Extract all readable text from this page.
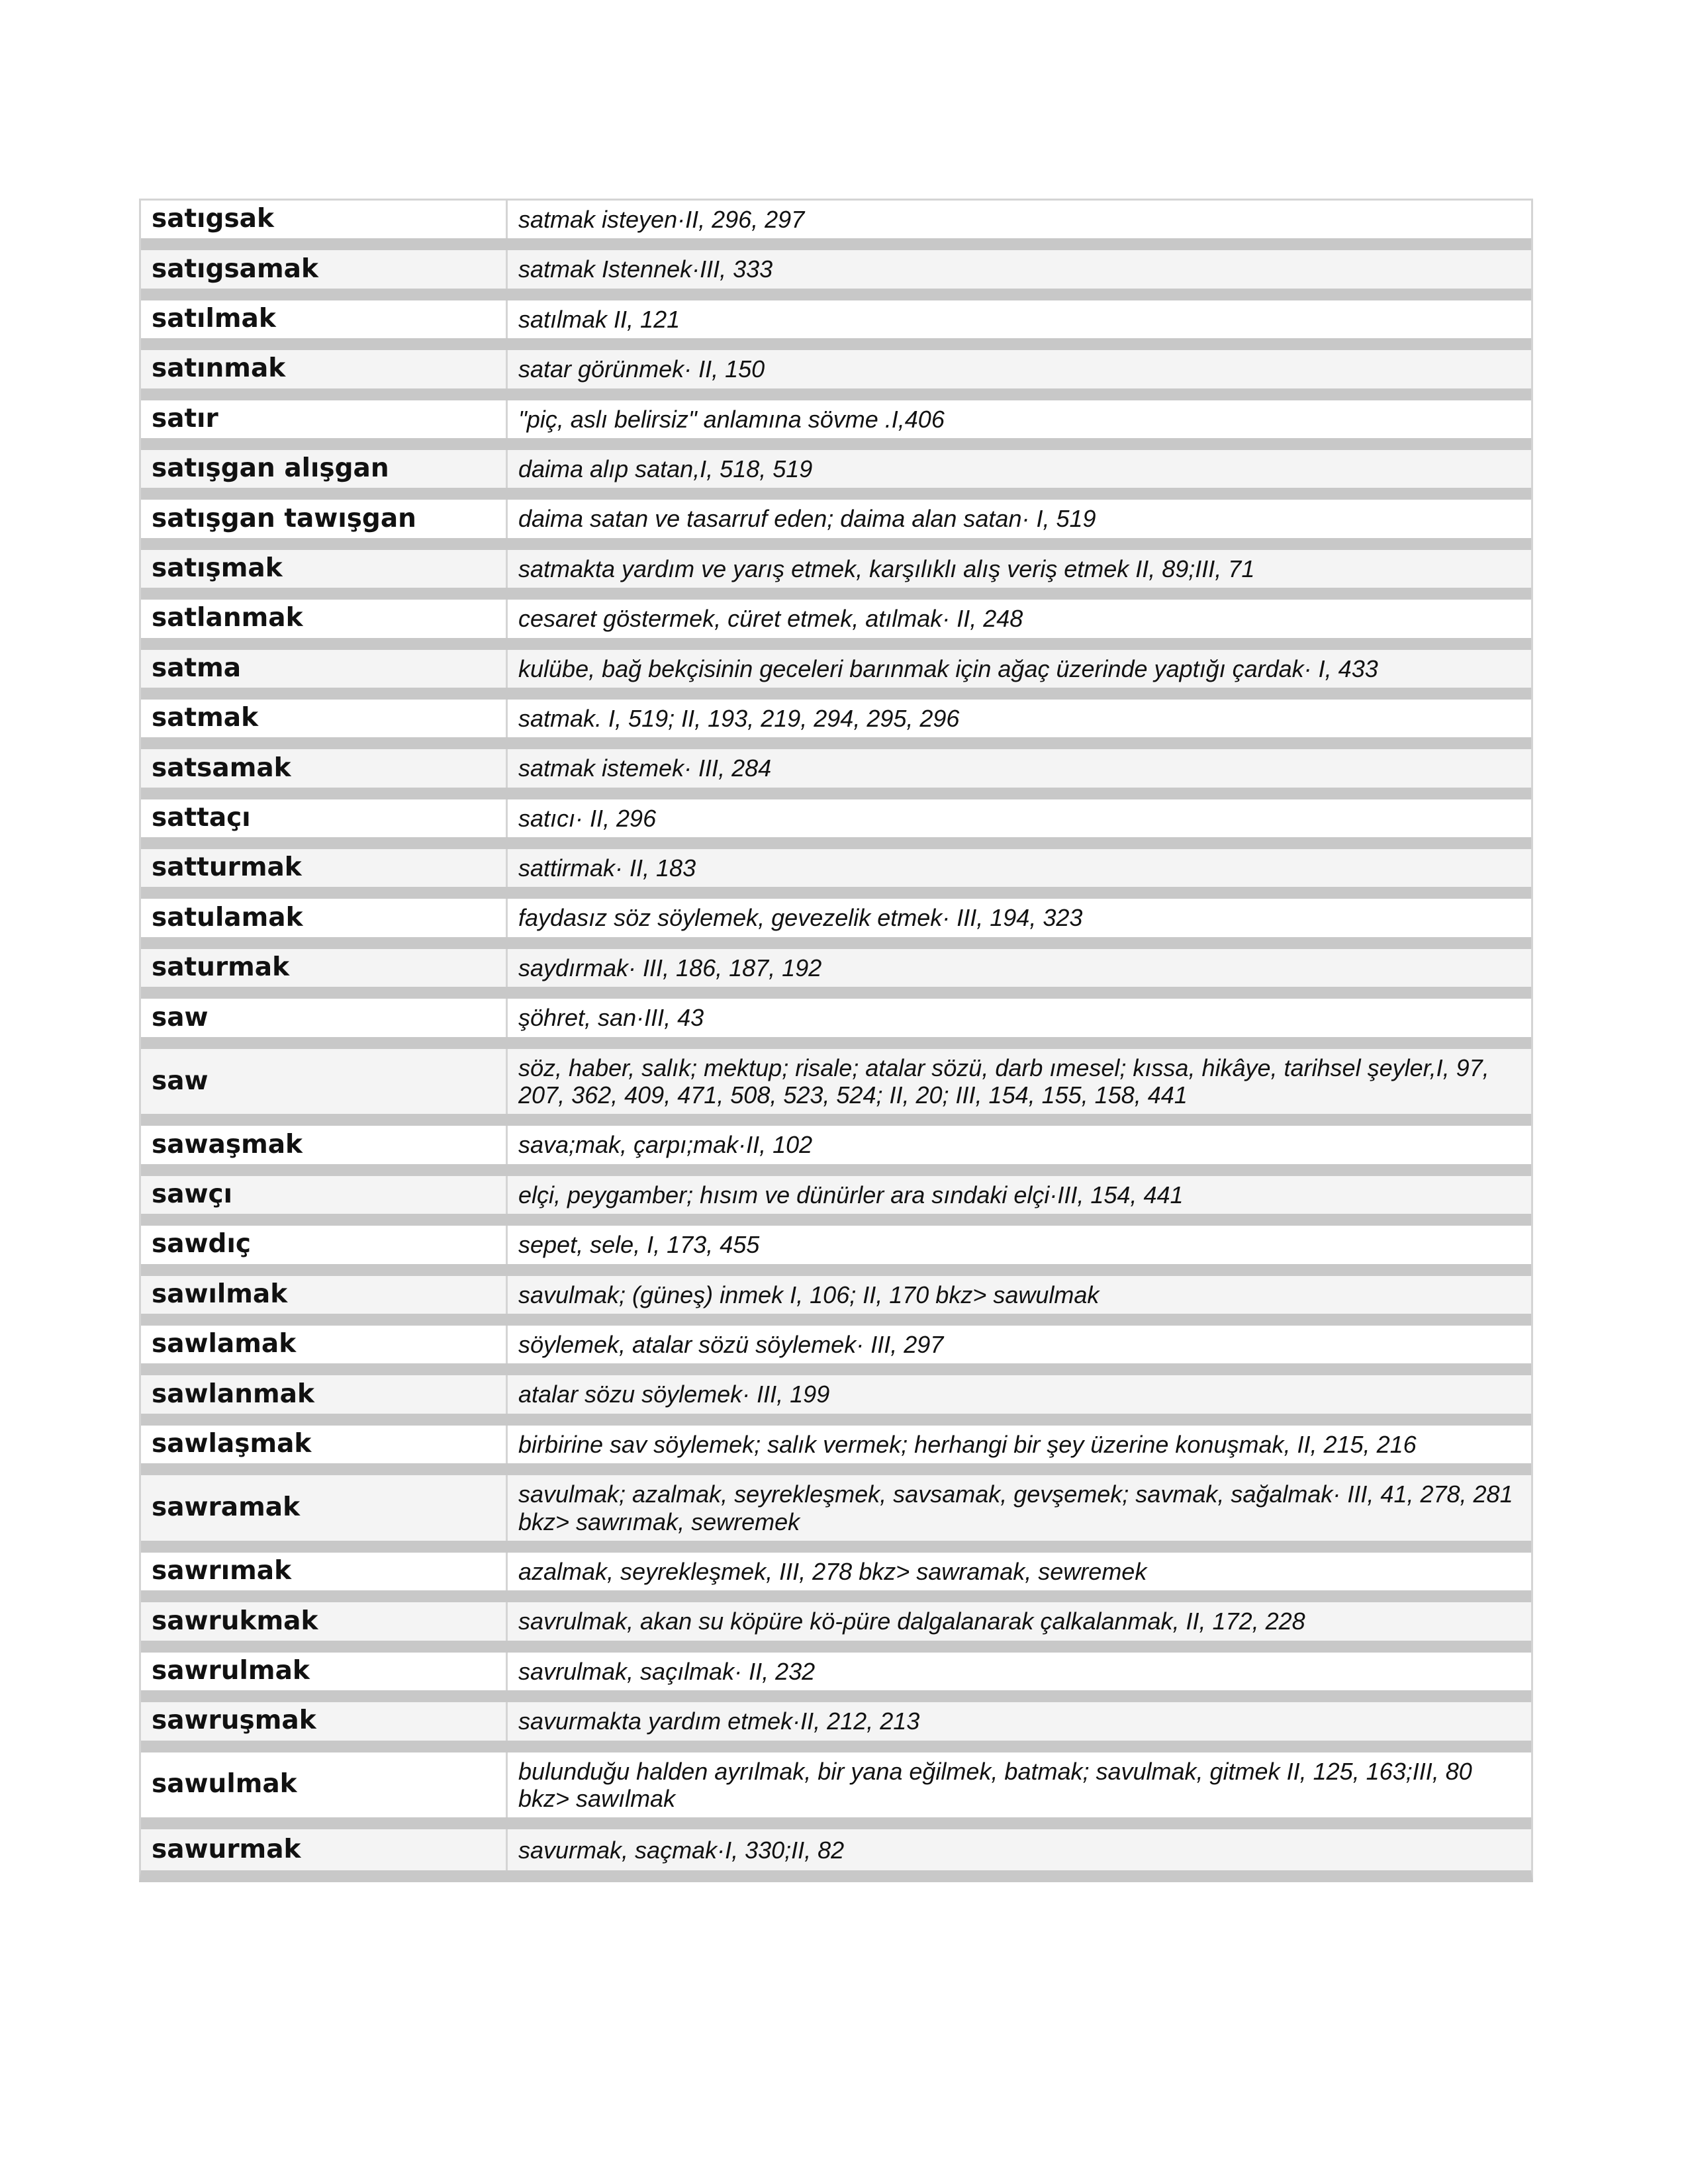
satıgsak	satmak isteyen·II, 296, 297
satıgsamak	satmak Istennek·III, 333
satılmak	satılmak II, 121
satınmak	satar görünmek· II, 150
satır	"piç, aslı belirsiz" anlamına sövme .I,406
satışgan alışgan	daima alıp satan,I, 518, 519
satışgan tawışgan	daima satan ve tasarruf eden; daima alan satan· I, 519
satışmak	satmakta yardım ve yarış etmek, karşılıklı alış veriş etmek II, 89;III, 71
satlanmak	cesaret göstermek, cüret etmek, atılmak· II, 248
satma	kulübe, bağ bekçisinin geceleri barınmak için ağaç üzerinde yaptığı çardak· I, 433
satmak	satmak. I, 519; II, 193, 219, 294, 295, 296
satsamak	satmak istemek· III, 284
sattaçı	satıcı· II, 296
satturmak	sattirmak· II, 183
satulamak	faydasız söz söylemek, gevezelik etmek· III, 194, 323
saturmak	saydırmak· III, 186, 187, 192
saw	şöhret, san·III, 43
saw	söz, haber, salık; mektup; risale; atalar sözü, darb ımesel; kıssa, hikâye, tarihsel şeyler,I, 97, 207, 362, 409, 471, 508, 523, 524; II, 20; III, 154, 155, 158, 441
sawaşmak	sava;mak, çarpı;mak·II, 102
sawçı	elçi, peygamber; hısım ve dünürler ara sındaki elçi·III, 154, 441
sawdıç	sepet, sele, I, 173, 455
sawılmak	savulmak; (güneş) inmek I, 106; II, 170 bkz> sawulmak
sawlamak	söylemek, atalar sözü söylemek· III, 297
sawlanmak	atalar sözu söylemek· III, 199
sawlaşmak	birbirine sav söylemek; salık vermek; herhangi bir şey üzerine konuşmak, II, 215, 216
sawramak	savulmak; azalmak, seyrekleşmek, savsamak, gevşemek; savmak, sağalmak· III, 41, 278, 281 bkz> sawrımak, sewremek
sawrımak	azalmak, seyrekleşmek, III, 278 bkz> sawramak, sewremek
sawrukmak	savrulmak, akan su köpüre kö-püre dalgalanarak çalkalanmak, II, 172, 228
sawrulmak	savrulmak, saçılmak· II, 232
sawruşmak	savurmakta yardım etmek·II, 212, 213
sawulmak	bulunduğu halden ayrılmak, bir yana eğilmek, batmak; savulmak, gitmek II, 125, 163;III, 80 bkz> sawılmak
sawurmak	savurmak, saçmak·I, 330;II, 82
